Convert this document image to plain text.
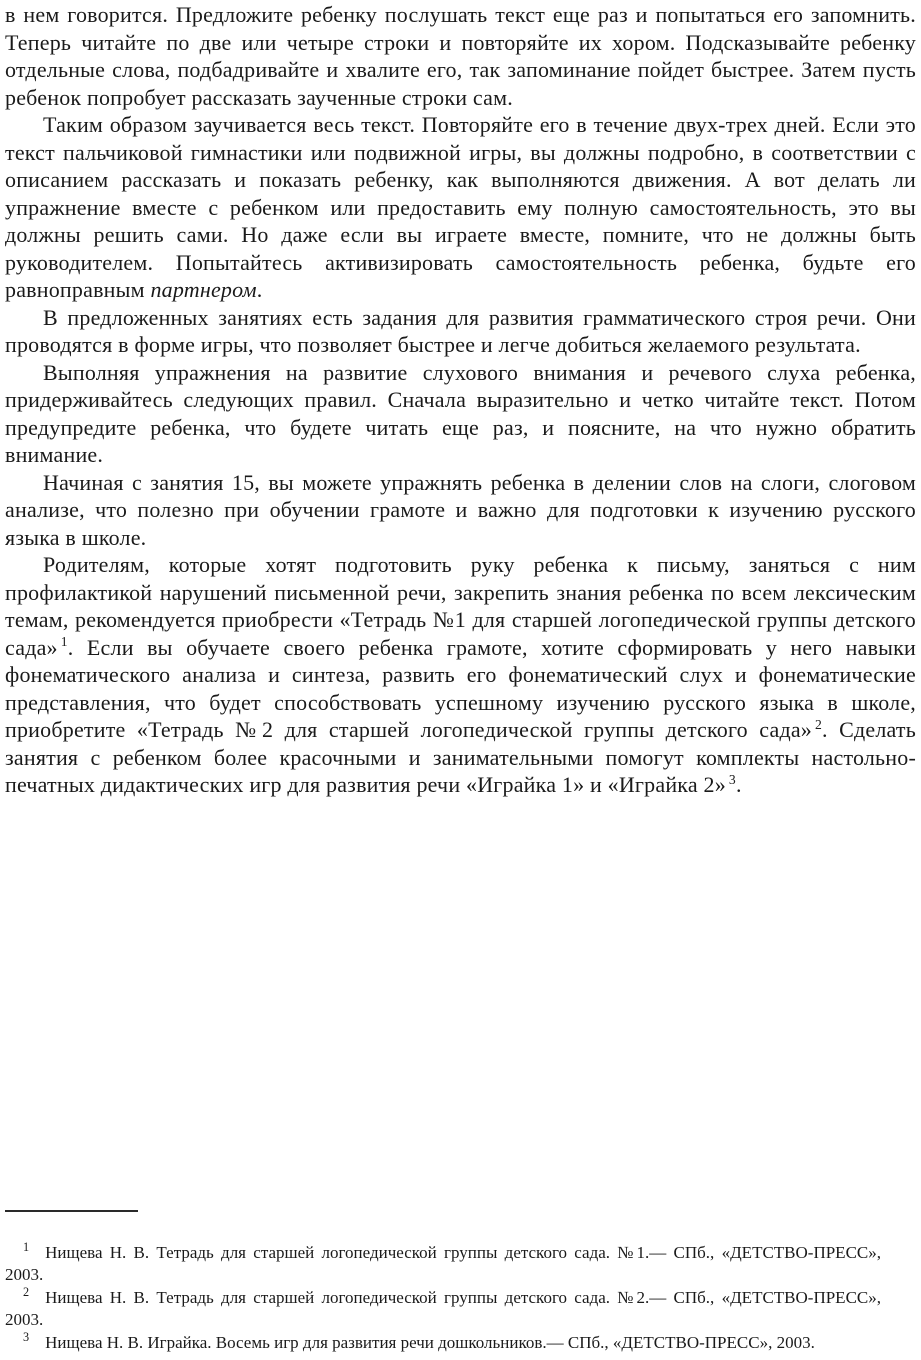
в нем говорится. Предложите ребенку послушать текст еще раз и попытаться его запомнить. Теперь читайте по две или четыре строки и повторяйте их хором. Подсказывайте ребенку отдельные слова, подбадривайте и хвалите его, так запоминание пойдет быстрее. Затем пусть ребенок попробует рассказать заученные строки сам.

Таким образом заучивается весь текст. Повторяйте его в течение двух-трех дней. Если это текст пальчиковой гимнастики или подвижной игры, вы должны подробно, в соответствии с описанием рассказать и показать ребенку, как выполняются движения. А вот делать ли упражнение вместе с ребенком или предоставить ему полную самостоятельность, это вы должны решить сами. Но даже если вы играете вместе, помните, что не должны быть руководителем. Попытайтесь активизировать самостоятельность ребенка, будьте его равноправным партнером.

В предложенных занятиях есть задания для развития грамматического строя речи. Они проводятся в форме игры, что позволяет быстрее и легче добиться желаемого результата.

Выполняя упражнения на развитие слухового внимания и речевого слуха ребенка, придерживайтесь следующих правил. Сначала выразительно и четко читайте текст. Потом предупредите ребенка, что будете читать еще раз, и поясните, на что нужно обратить внимание.

Начиная с занятия 15, вы можете упражнять ребенка в делении слов на слоги, слоговом анализе, что полезно при обучении грамоте и важно для подготовки к изучению русского языка в школе.

Родителям, которые хотят подготовить руку ребенка к письму, заняться с ним профилактикой нарушений письменной речи, закрепить знания ребенка по всем лексическим темам, рекомендуется приобрести «Тетрадь №1 для старшей логопедической группы детского сада» $^1$. Если вы обучаете своего ребенка грамоте, хотите сформировать у него навыки фонематического анализа и синтеза, развить его фонематический слух и фонематические представления, что будет способствовать успешному изучению русского языка в школе, приобретите «Тетрадь №2 для старшей логопедической группы детского сада» $^2$. Сделать занятия с ребенком более красочными и занимательными помогут комплекты настольно-печатных дидактических игр для развития речи «Играйка 1» и «Играйка 2» $^3$.

$^1$ Нищева Н. В. Тетрадь для старшей логопедической группы детского сада. №1.— СПб., «ДЕТСТВО-ПРЕСС», 2003.

$^2$ Нищева Н. В. Тетрадь для старшей логопедической группы детского сада. №2.— СПб., «ДЕТСТВО-ПРЕСС», 2003.

$^3$ Нищева Н. В. Играйка. Восемь игр для развития речи дошкольников.— СПб., «ДЕТСТВО-ПРЕСС», 2003.
